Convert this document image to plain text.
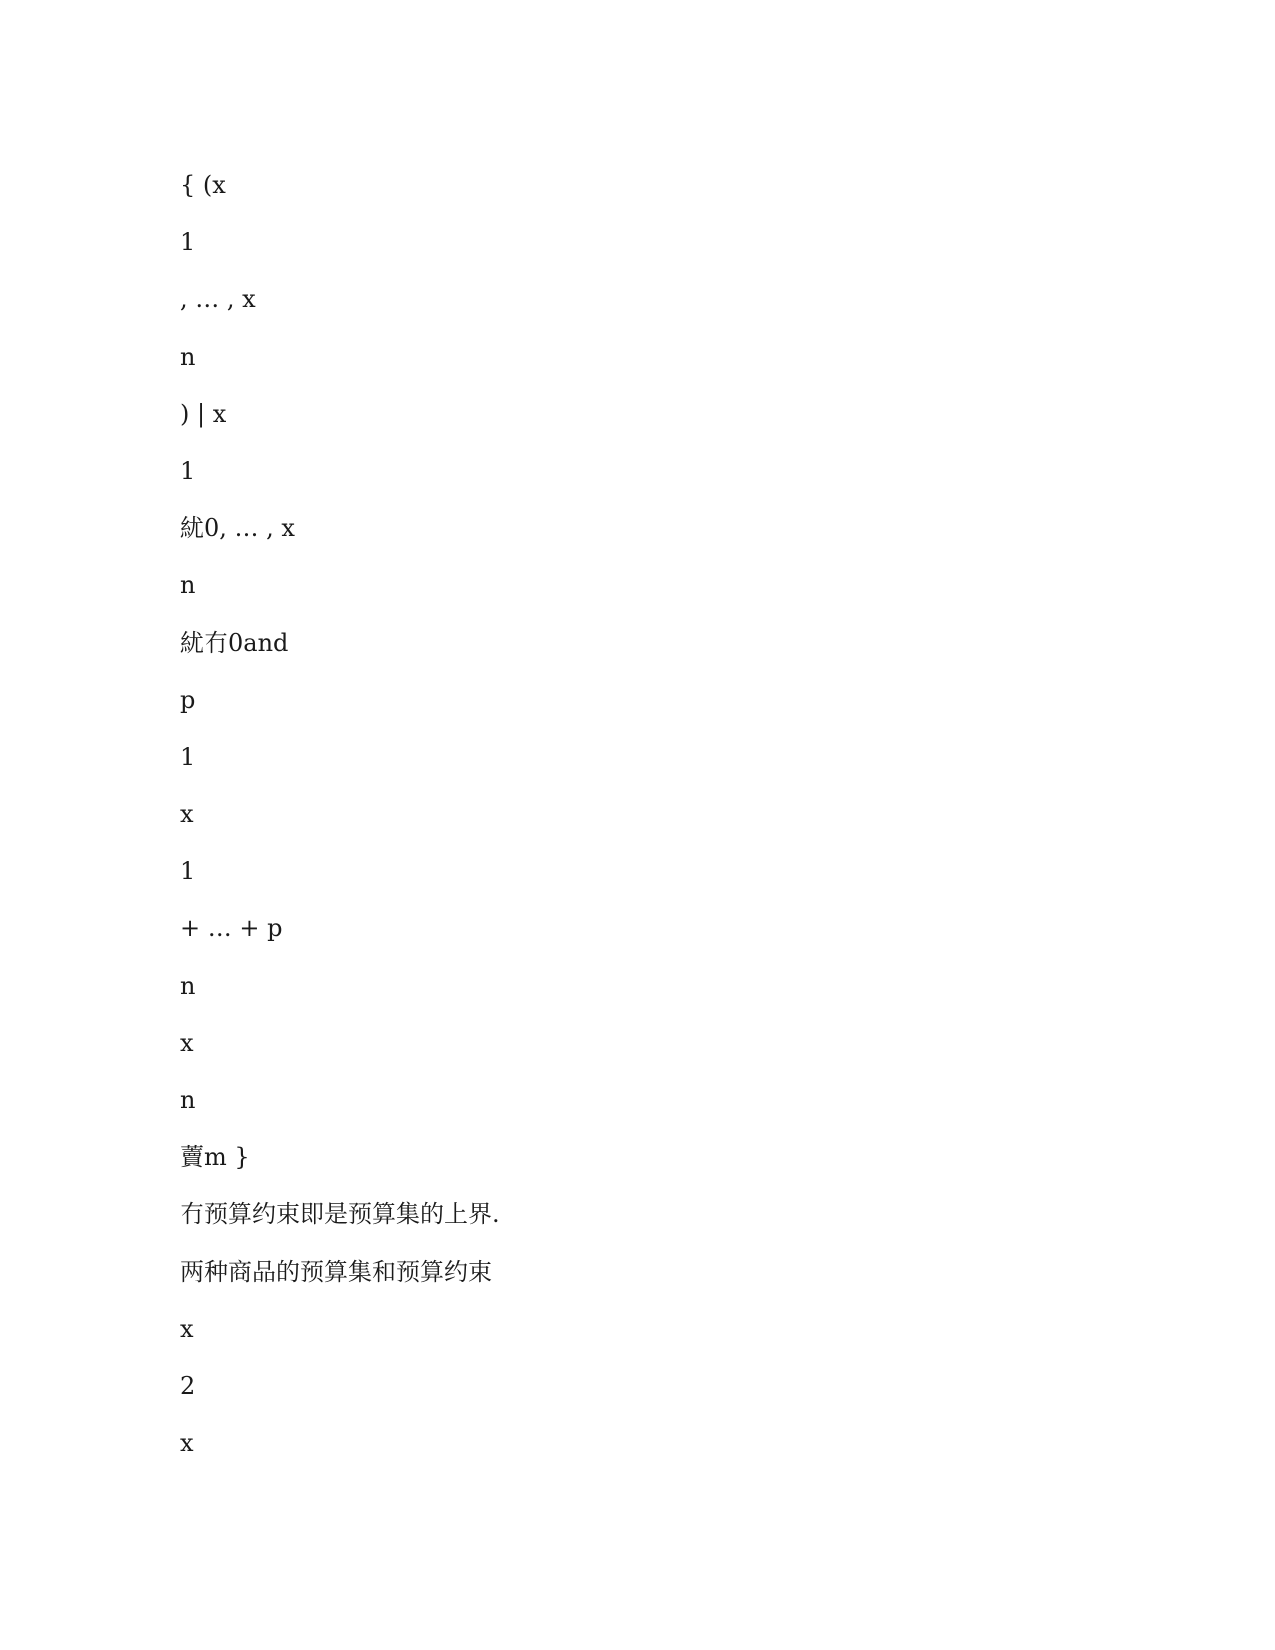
{ (x

1

, … , x

n

) | x

1

紌0, … , x

n

紌冇0and

p

1

x

1

+ … + p

n

x

n

藚m }

冇预算约束即是预算集的上界.

两种商品的预算集和预算约束

x

2

x
